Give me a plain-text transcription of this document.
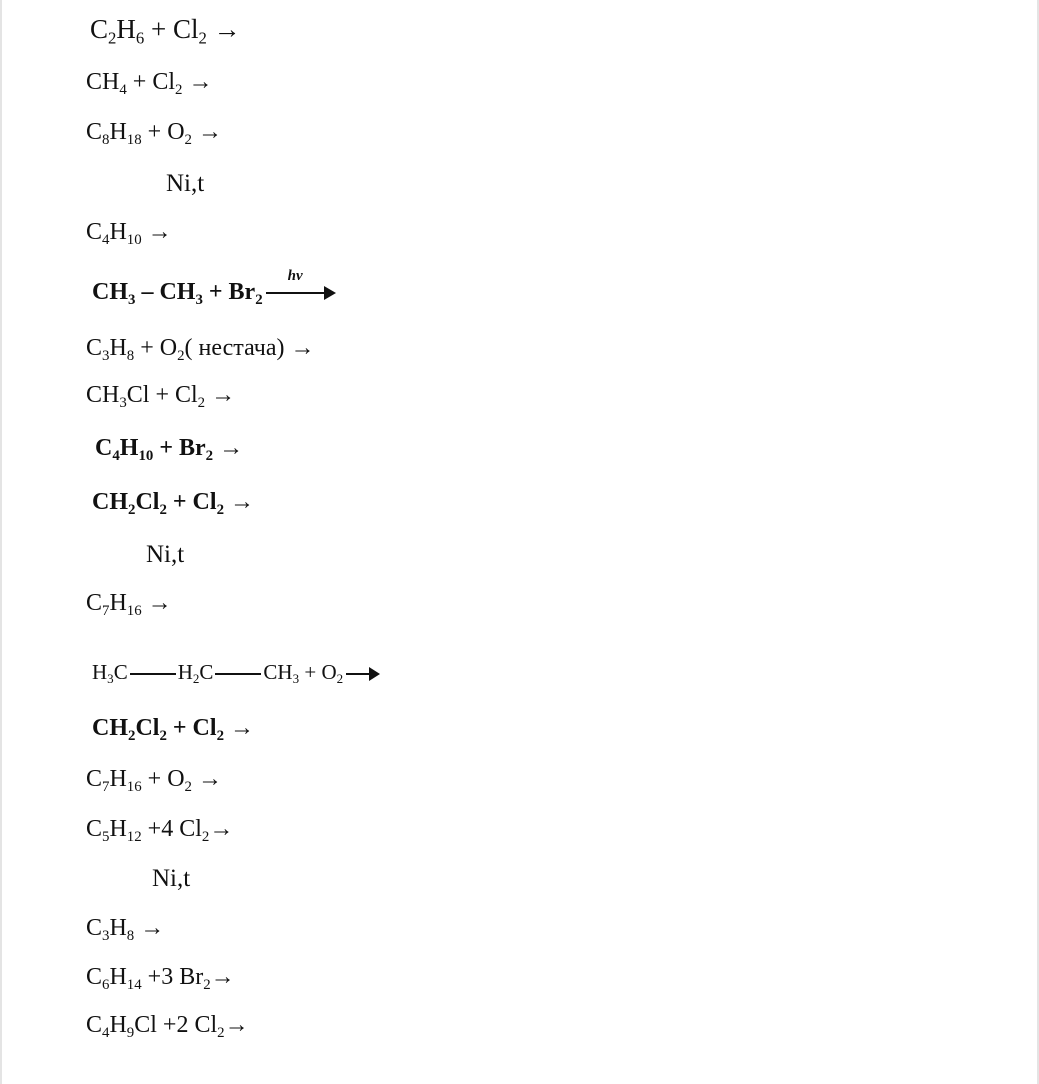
$C_2H_6 + Cl_2$ →
$CH_4 + Cl_2$ →
$C_8H_{18} + O_2$ →
Ni,t
$C_4H_{10}$ →
$CH_3 - CH_3 + Br_2$
hv
$C_3H_8 + O_2$( нестача) →
$CH_3Cl + Cl_2$ →
$C_4H_{10} + Br_2$ →
$CH_2Cl_2 + Cl_2$ →
Ni,t
$C_7H_{16}$ →
$H_3C$ $H_2C$ $CH_3 + O_2$ →
$CH_2Cl_2 + Cl_2$ →
$C_7H_{16} + O_2$ →
$C_5H_{12} +4$ $Cl_2\to$
Ni,t
$C_3H_8$ →
$C_6H_{14} +3$ $Br_2\to$
$C_4H_9Cl +2$ $Cl_2\to$
